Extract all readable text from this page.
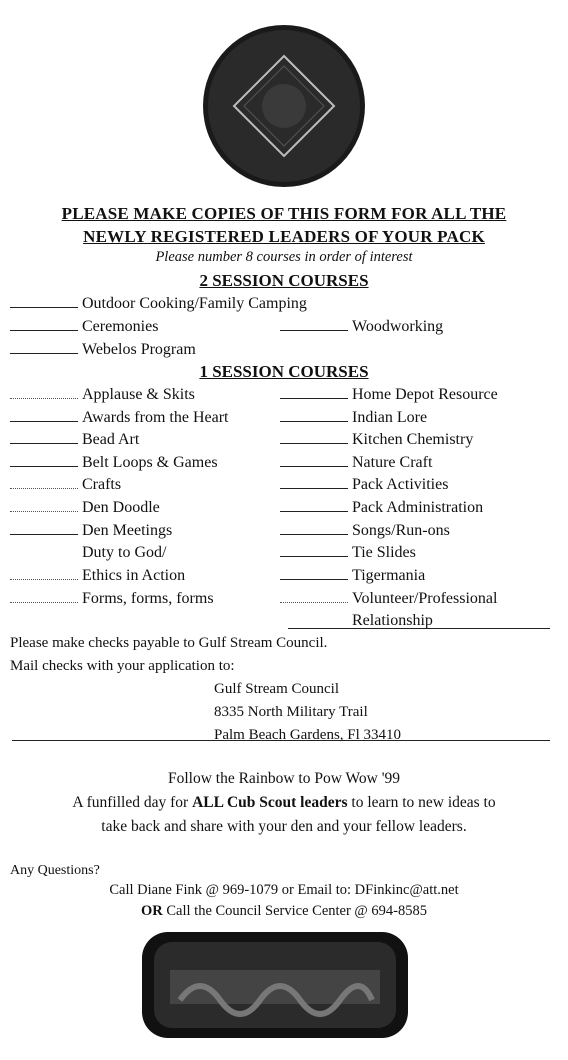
PLEASE MAKE COPIES OF THIS FORM FOR ALL THE
NEWLY REGISTERED LEADERS OF YOUR PACK
Please number 8 courses in order of interest
2 SESSION COURSES
Outdoor Cooking/Family Camping
Ceremonies	Woodworking
Webelos Program
1 SESSION COURSES
Applause & Skits
Awards from the Heart
Bead Art
Belt Loops & Games
Crafts
Den Doodle
Den Meetings
Duty to God/
Ethics in Action
Forms, forms, forms
Home Depot Resource
Indian Lore
Kitchen Chemistry
Nature Craft
Pack Activities
Pack Administration
Songs/Run-ons
Tie Slides
Tigermania
Volunteer/Professional
Relationship
Please make checks payable to Gulf Stream Council.
Mail checks with your application to:
Gulf Stream Council
8335 North Military Trail
Palm Beach Gardens, Fl 33410
Follow the Rainbow to Pow Wow '99
A funfilled day for ALL Cub Scout leaders to learn to new ideas to
take back and share with your den and your fellow leaders.
Any Questions?
Call Diane Fink @ 969-1079 or Email to: DFinkinc@att.net
OR Call the Council Service Center @ 694-8585
